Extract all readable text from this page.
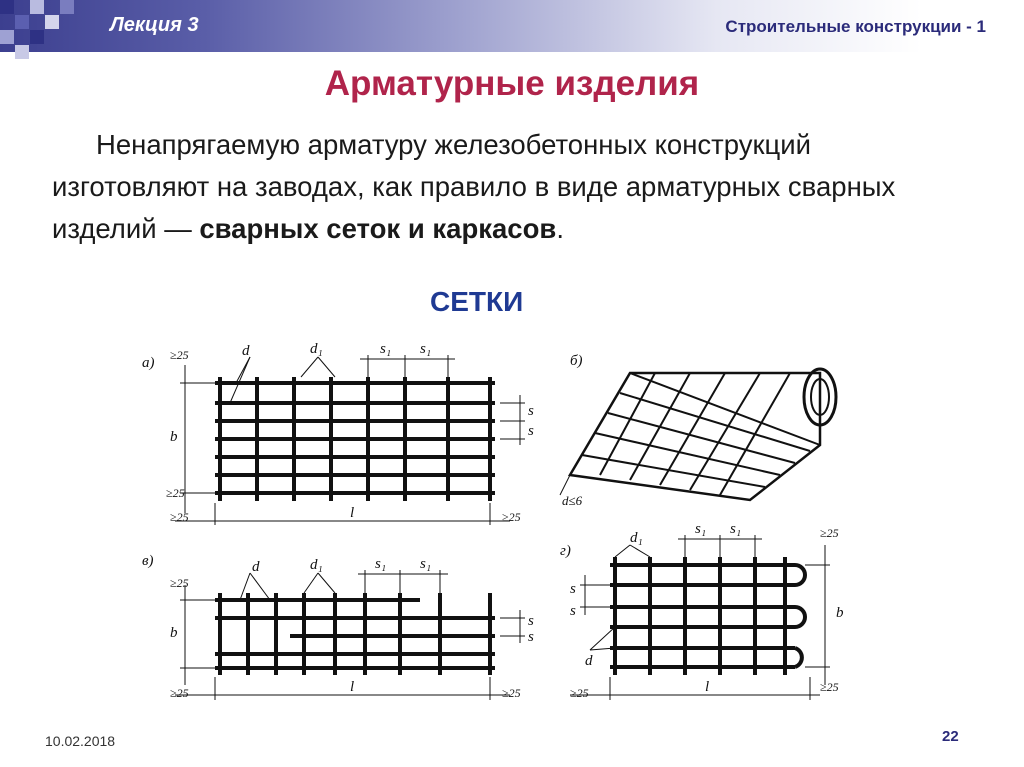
Лекция 3	Строительные конструкции - 1
Арматурные изделия
Ненапрягаемую арматуру железобетонных конструкций изготовляют на заводах, как правило в виде арматурных сварных изделий — сварных сеток и каркасов.
СЕТКИ
а)	б)
в)
г)
d	d₁	s₁ s₁
s
s
b
l
≥25
≥25
≥25	≥25
d≤6
d	d₁	s₁ s₁
s
s
b
l
≥25
≥25	≥25
d₁
s₁ s₁
s
s
d
b
l
≥25
≥25
≥25
10.02.2018	22
